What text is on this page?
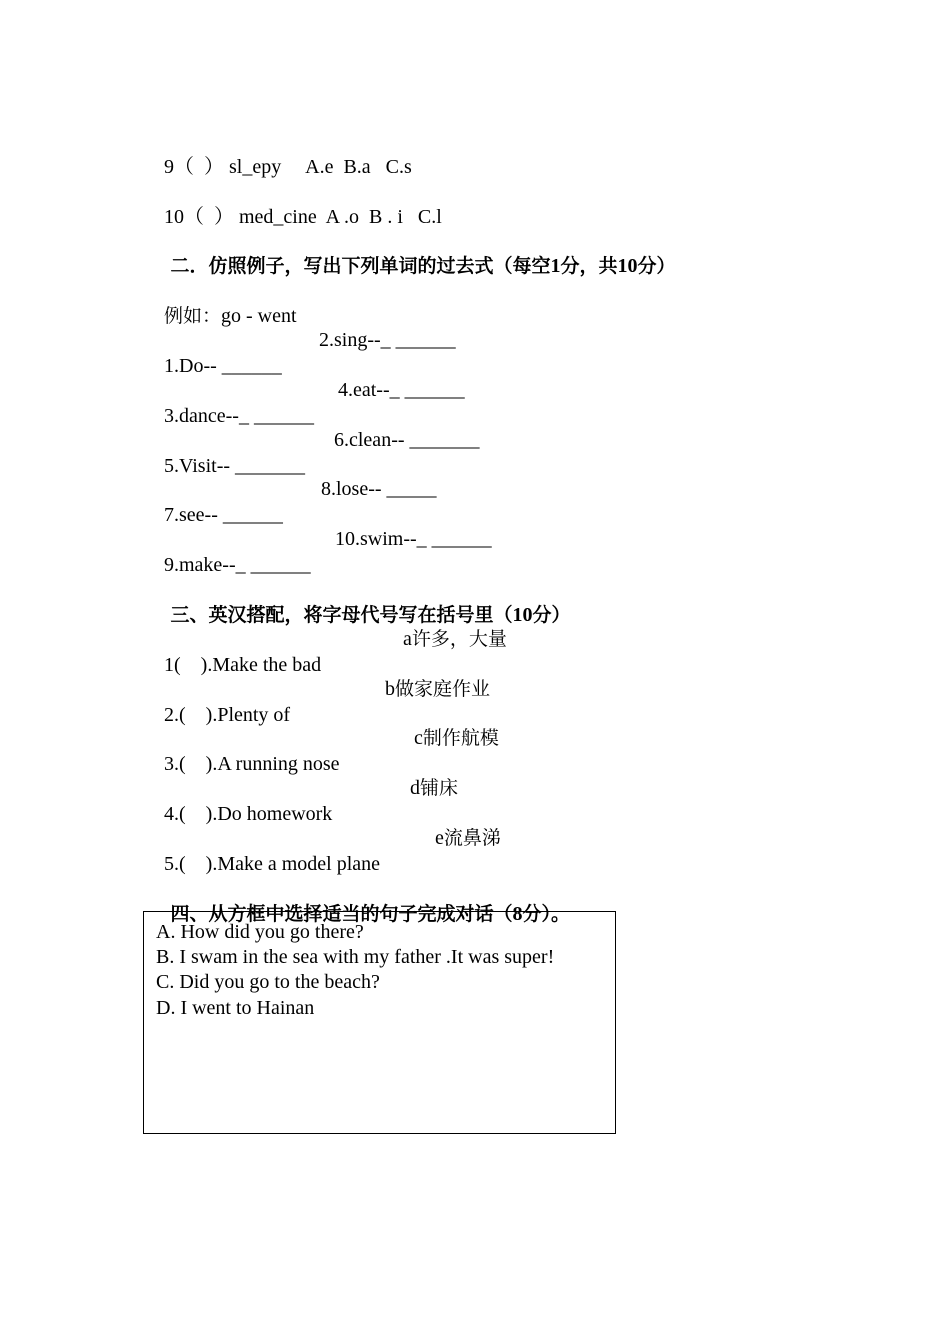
9（  ） sl_epy A.e  B.a   C.s

10（  ） med_cine A .o  B . i   C.l

二．仿照例子，写出下列单词的过去式（每空1分，共10分）

例如：go - went

1.Do-- ______

2.sing--_ ______

3.dance--_ ______

4.eat--_ ______

5.Visit-- _______

6.clean-- _______

7.see-- ______

8.lose-- _____

9.make--_ ______

10.swim--_ ______

三、英汉搭配，将字母代号写在括号里（10分）

1(    ).Make the bad

a许多，大量

2.(    ).Plenty of

b做家庭作业

3.(    ).A running nose

c制作航模

4.(    ).Do homework

d铺床

5.(    ).Make a model plane

e流鼻涕

四、从方框中选择适当的句子完成对话（8分）。

A. How did you go there?
B. I swam in the sea with my father .It was super!
C. Did you go to the beach?
D. I went to Hainan
